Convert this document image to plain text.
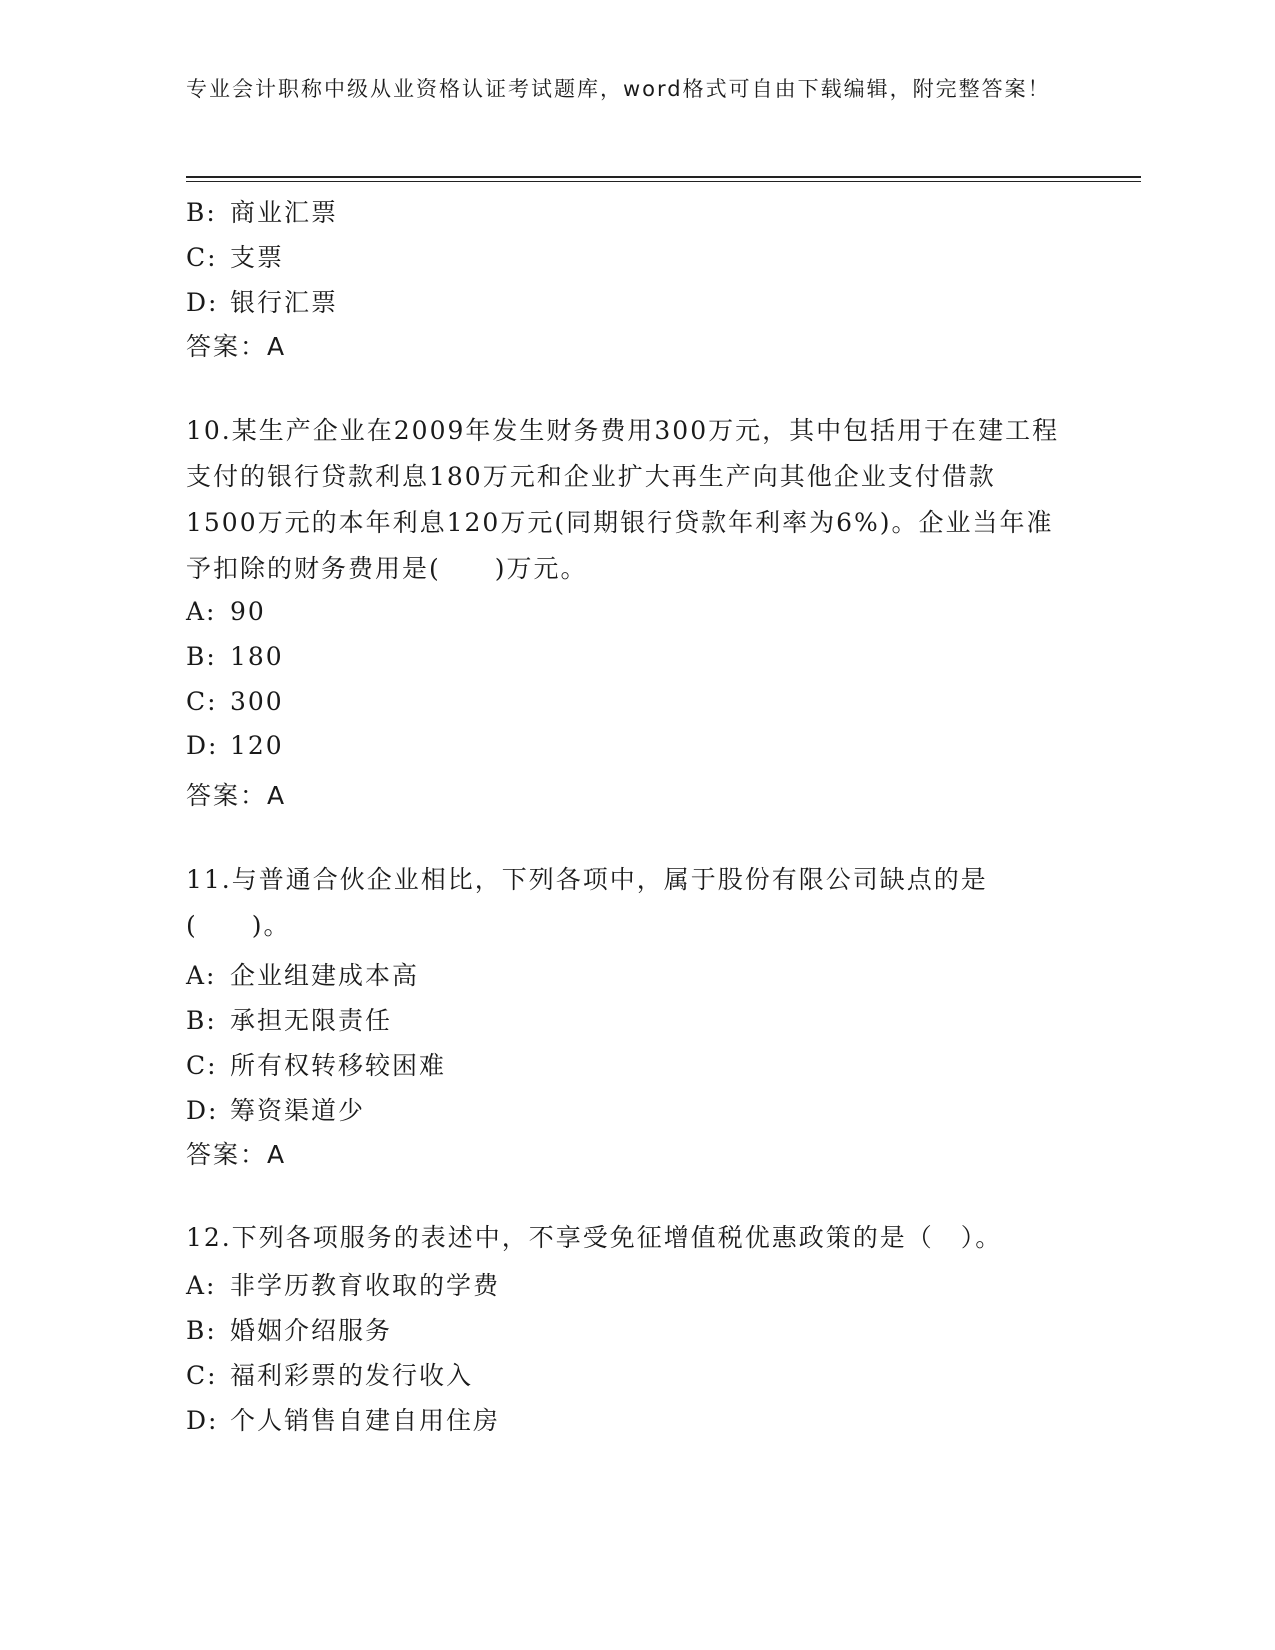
专业会计职称中级从业资格认证考试题库，word格式可自由下载编辑，附完整答案！
B: 商业汇票
C: 支票
D: 银行汇票
答案：A
10.某生产企业在2009年发生财务费用300万元，其中包括用于在建工程支付的银行贷款利息180万元和企业扩大再生产向其他企业支付借款1500万元的本年利息120万元(同期银行贷款年利率为6%)。企业当年准予扣除的财务费用是(　　)万元。
A: 90
B: 180
C: 300
D: 120
答案：A
11.与普通合伙企业相比，下列各项中，属于股份有限公司缺点的是(　　)。
A: 企业组建成本高
B: 承担无限责任
C: 所有权转移较困难
D: 筹资渠道少
答案：A
12.下列各项服务的表述中，不享受免征增值税优惠政策的是（　）。
A: 非学历教育收取的学费
B: 婚姻介绍服务
C: 福利彩票的发行收入
D: 个人销售自建自用住房
